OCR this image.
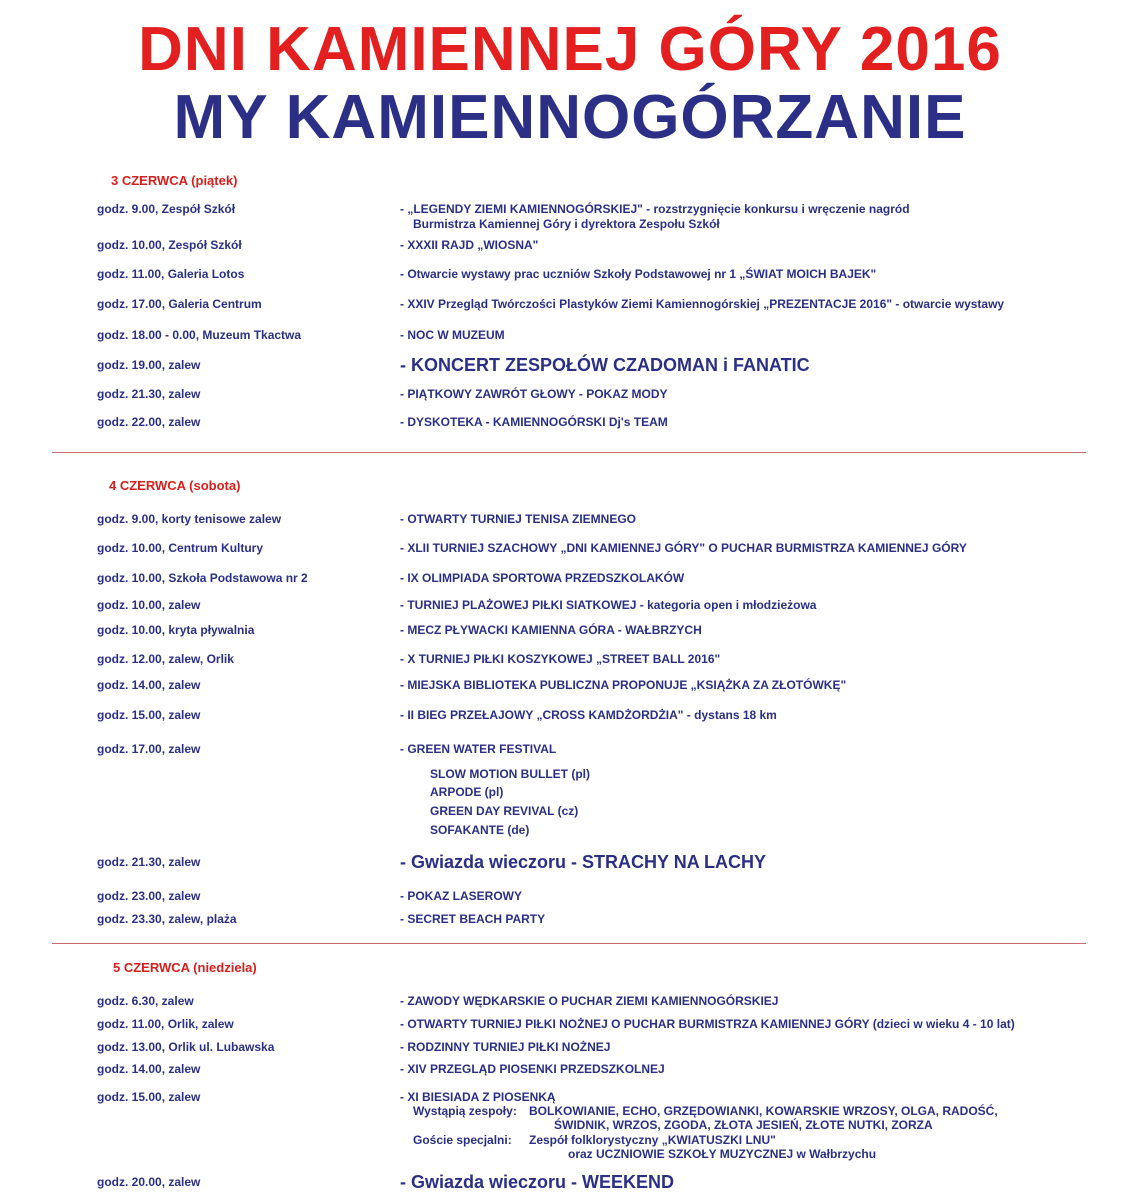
DNI KAMIENNEJ GÓRY 2016
MY KAMIENNOGÓRZANIE
3 CZERWCA (piątek)
godz. 9.00, Zespół Szkół	- „LEGENDY ZIEMI KAMIENNOGÓRSKIEJ" - rozstrzygnięcie konkursu i wręczenie nagród
Burmistrza Kamiennej Góry i dyrektora Zespołu Szkół
godz. 10.00, Zespół Szkół	- XXXII RAJD „WIOSNA"
godz. 11.00, Galeria Lotos	- Otwarcie wystawy prac uczniów Szkoły Podstawowej nr 1 „ŚWIAT MOICH BAJEK"
godz. 17.00, Galeria Centrum	- XXIV Przegląd Twórczości Plastyków Ziemi Kamiennogórskiej „PREZENTACJE 2016" - otwarcie wystawy
godz. 18.00 - 0.00, Muzeum Tkactwa	- NOC W MUZEUM
godz. 19.00, zalew	- KONCERT ZESPOŁÓW CZADOMAN i FANATIC
godz. 21.30, zalew	- PIĄTKOWY ZAWRÓT GŁOWY - POKAZ MODY
godz. 22.00, zalew	- DYSKOTEKA - KAMIENNOGÓRSKI Dj's TEAM
4 CZERWCA (sobota)
godz. 9.00, korty tenisowe zalew	- OTWARTY TURNIEJ TENISA ZIEMNEGO
godz. 10.00, Centrum Kultury	- XLII TURNIEJ SZACHOWY „DNI KAMIENNEJ GÓRY" O PUCHAR BURMISTRZA KAMIENNEJ GÓRY
godz. 10.00, Szkoła Podstawowa nr 2	- IX OLIMPIADA SPORTOWA PRZEDSZKOLAKÓW
godz. 10.00, zalew	- TURNIEJ PLAŻOWEJ PIŁKI SIATKOWEJ - kategoria open i młodzieżowa
godz. 10.00, kryta pływalnia	- MECZ PŁYWACKI KAMIENNA GÓRA - WAŁBRZYCH
godz. 12.00, zalew, Orlik	- X TURNIEJ PIŁKI KOSZYKOWEJ „STREET BALL 2016"
godz. 14.00, zalew	- MIEJSKA BIBLIOTEKA PUBLICZNA PROPONUJE „KSIĄŻKA ZA ZŁOTÓWKĘ"
godz. 15.00, zalew	- II BIEG PRZEŁAJOWY „CROSS KAMDŻORDŻIA" - dystans 18 km
godz. 17.00, zalew	- GREEN WATER FESTIVAL
SLOW MOTION BULLET (pl)
ARPODE (pl)
GREEN DAY REVIVAL (cz)
SOFAKANTE (de)
godz. 21.30, zalew	- Gwiazda wieczoru - STRACHY NA LACHY
godz. 23.00, zalew	- POKAZ LASEROWY
godz. 23.30, zalew, plaża	- SECRET BEACH PARTY
5 CZERWCA (niedziela)
godz. 6.30, zalew	- ZAWODY WĘDKARSKIE O PUCHAR ZIEMI KAMIENNOGÓRSKIEJ
godz. 11.00, Orlik, zalew	- OTWARTY TURNIEJ PIŁKI NOŻNEJ O PUCHAR BURMISTRZA KAMIENNEJ GÓRY (dzieci w wieku 4 - 10 lat)
godz. 13.00, Orlik ul. Lubawska	- RODZINNY TURNIEJ PIŁKI NOŻNEJ
godz. 14.00, zalew	- XIV PRZEGLĄD PIOSENKI PRZEDSZKOLNEJ
godz. 15.00, zalew	- XI BIESIADA Z PIOSENKĄ
Wystąpią zespoły: BOLKOWIANIE, ECHO, GRZĘDOWIANKI, KOWARSKIE WRZOSY, OLGA, RADOŚĆ,
ŚWIDNIK, WRZOS, ZGODA, ZŁOTA JESIEŃ, ZŁOTE NUTKI, ZORZA
Goście specjalni: Zespół folklorystyczny „KWIATUSZKI LNU"
oraz UCZNIOWIE SZKOŁY MUZYCZNEJ w Wałbrzychu
godz. 20.00, zalew	- Gwiazda wieczoru - WEEKEND
